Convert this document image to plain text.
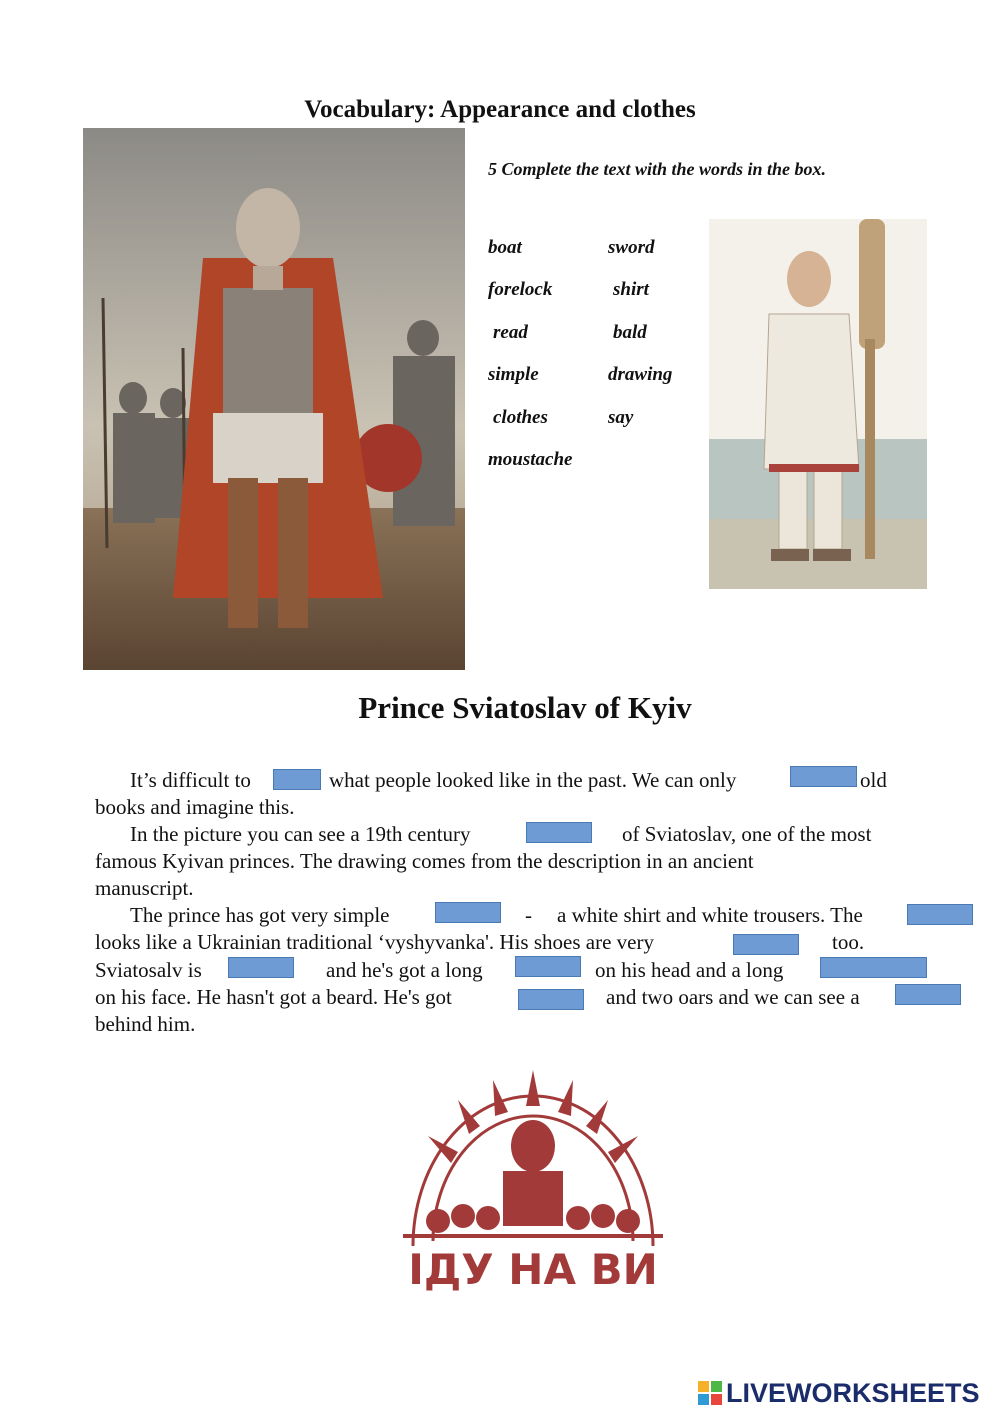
Vocabulary: Appearance and clothes
5 Complete the text with the words in the box.
boat	sword
forelock	shirt
read	bald
simple	drawing
clothes	say
moustache
Prince Sviatoslav of Kyiv
It’s difficult to	what people looked like in the past. We can only	old
books and imagine this.
In the picture you can see a 19th century	of Sviatoslav, one of the most
famous Kyivan princes. The drawing comes from the description in an ancient
manuscript.
The prince has got very simple	- a white shirt and white trousers. The
looks like a Ukrainian traditional ‘vyshyvanka'. His shoes are very	too.
Sviatosalv is	and he's got a long	on his head and a long
on his face. He hasn't got a beard. He's got	and two oars and we can see a
behind him.
ІДУ НА ВИ
LIVEWORKSHEETS
